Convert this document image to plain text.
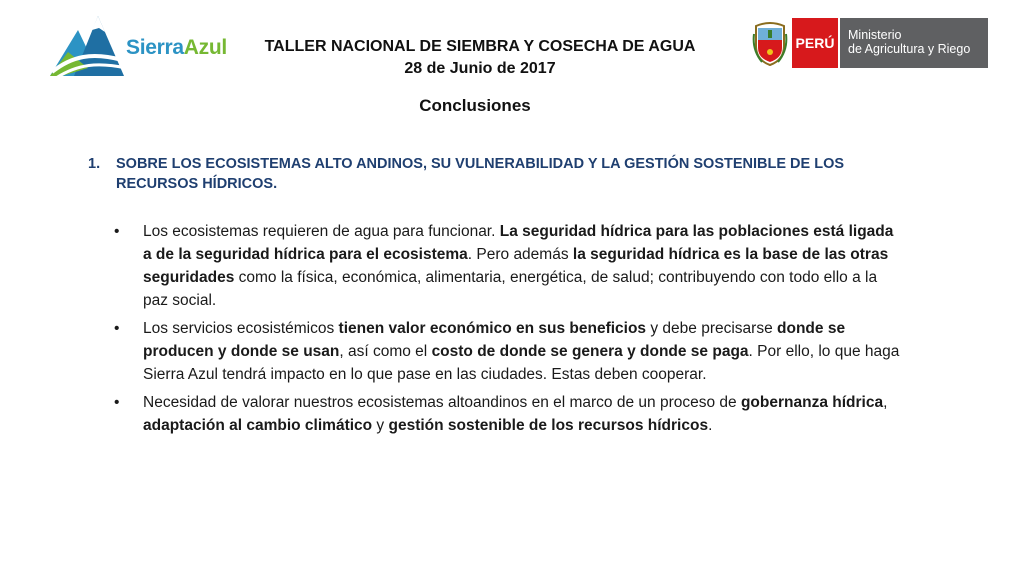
SierraAzul	TALLER NACIONAL DE SIEMBRA Y COSECHA DE AGUA
28 de Junio de 2017
PERÚ Ministerio
de Agricultura y Riego
Conclusiones
1.	SOBRE LOS ECOSISTEMAS ALTO ANDINOS, SU VULNERABILIDAD Y LA GESTIÓN SOSTENIBLE DE LOS RECURSOS HÍDRICOS.
• Los ecosistemas requieren de agua para funcionar. La seguridad hídrica para las poblaciones está ligada a de la seguridad hídrica para el ecosistema. Pero además la seguridad hídrica es la base de las otras seguridades como la física, económica, alimentaria, energética, de salud; contribuyendo con todo ello a la paz social.
• Los servicios ecosistémicos tienen valor económico en sus beneficios y debe precisarse donde se producen y donde se usan, así como el costo de donde se genera y donde se paga. Por ello, lo que haga Sierra Azul tendrá impacto en lo que pase en las ciudades. Estas deben cooperar.
• Necesidad de valorar nuestros ecosistemas altoandinos en el marco de un proceso de gobernanza hídrica, adaptación al cambio climático y gestión sostenible de los recursos hídricos.
